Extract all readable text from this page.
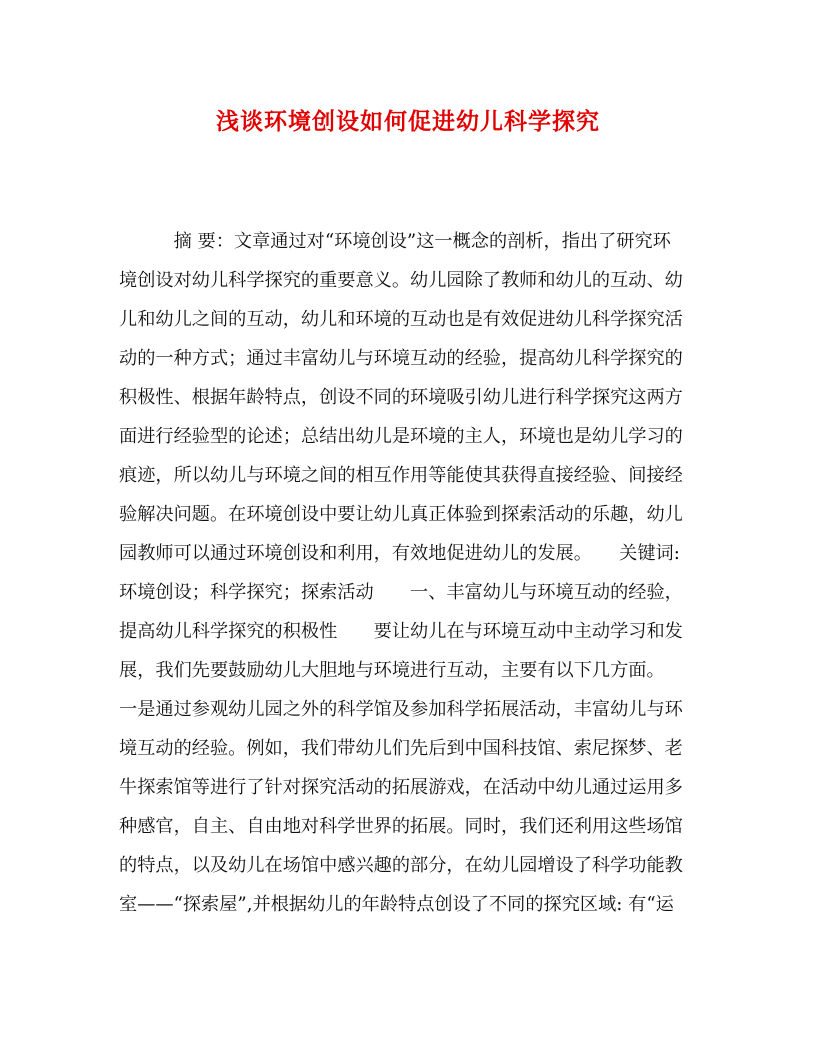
浅谈环境创设如何促进幼儿科学探究
　　　摘 要：文章通过对“环境创设”这一概念的剖析，指出了研究环
境创设对幼儿科学探究的重要意义。幼儿园除了教师和幼儿的互动、幼
儿和幼儿之间的互动，幼儿和环境的互动也是有效促进幼儿科学探究活
动的一种方式；通过丰富幼儿与环境互动的经验，提高幼儿科学探究的
积极性、根据年龄特点，创设不同的环境吸引幼儿进行科学探究这两方
面进行经验型的论述；总结出幼儿是环境的主人，环境也是幼儿学习的
痕迹，所以幼儿与环境之间的相互作用等能使其获得直接经验、间接经
验解决问题。在环境创设中要让幼儿真正体验到探索活动的乐趣，幼儿
园教师可以通过环境创设和利用，有效地促进幼儿的发展。　　关键词:
环境创设；科学探究；探索活动　　一、丰富幼儿与环境互动的经验，
提高幼儿科学探究的积极性　　要让幼儿在与环境互动中主动学习和发
展，我们先要鼓励幼儿大胆地与环境进行互动，主要有以下几方面。
一是通过参观幼儿园之外的科学馆及参加科学拓展活动，丰富幼儿与环
境互动的经验。例如，我们带幼儿们先后到中国科技馆、索尼探梦、老
牛探索馆等进行了针对探究活动的拓展游戏，在活动中幼儿通过运用多
种感官，自主、自由地对科学世界的拓展。同时，我们还利用这些场馆
的特点，以及幼儿在场馆中感兴趣的部分，在幼儿园增设了科学功能教
室——“探索屋”,并根据幼儿的年龄特点创设了不同的探究区域: 有“运
